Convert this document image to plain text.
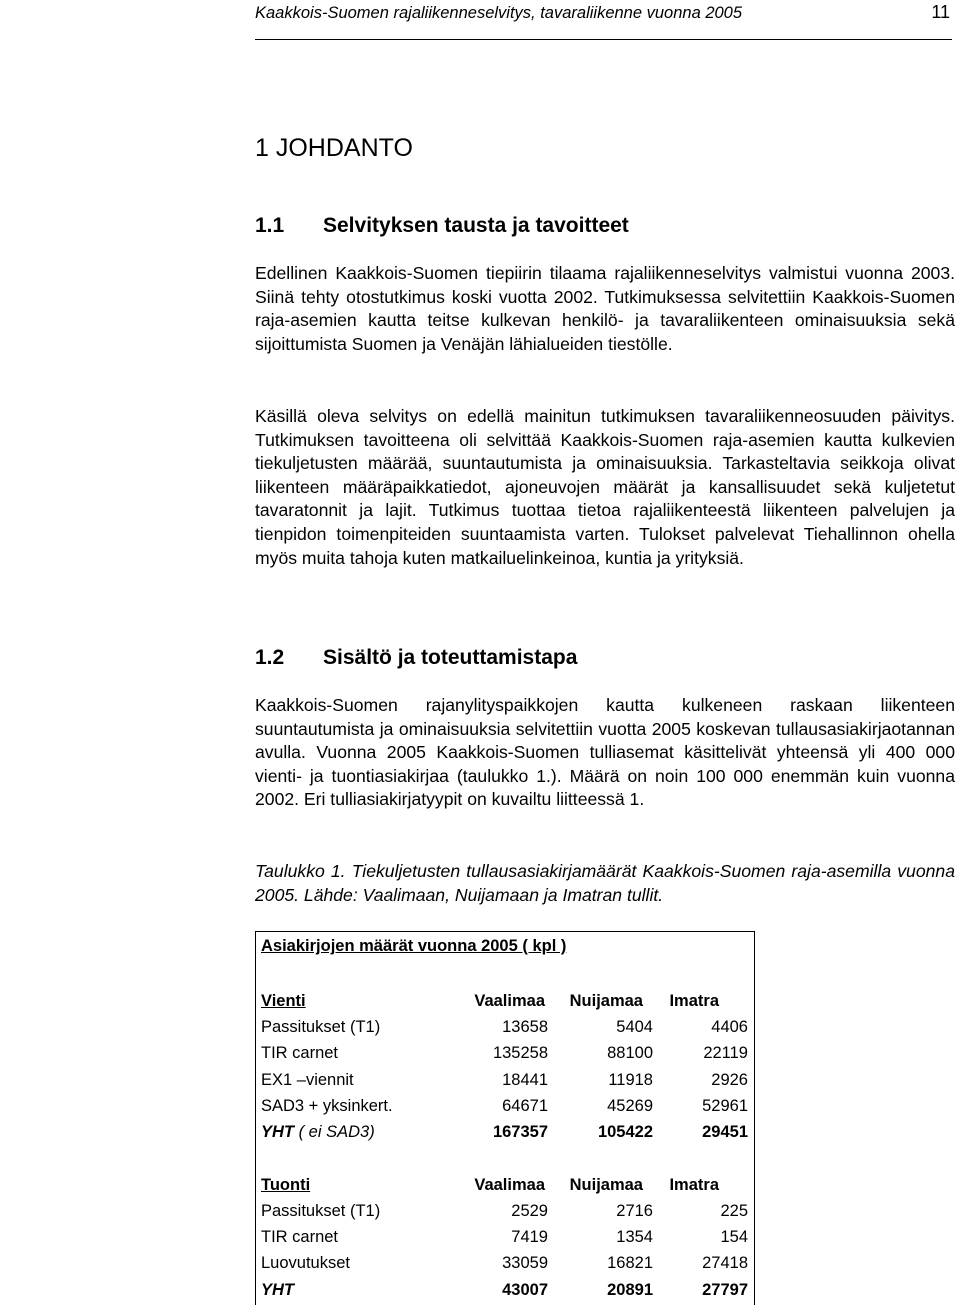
Kaakkois-Suomen rajaliikenneselvitys, tavaraliikenne vuonna 2005	11
1 JOHDANTO
1.1 Selvityksen tausta ja tavoitteet

Edellinen Kaakkois-Suomen tiepiirin tilaama rajaliikenneselvitys valmistui vuonna 2003. Siinä tehty otostutkimus koski vuotta 2002. Tutkimuksessa selvitettiin Kaakkois-Suomen raja-asemien kautta teitse kulkevan henkilö- ja tavaraliikenteen ominaisuuksia sekä sijoittumista Suomen ja Venäjän lähialueiden tiestölle.

Käsillä oleva selvitys on edellä mainitun tutkimuksen tavaraliikenneosuuden päivitys. Tutkimuksen tavoitteena oli selvittää Kaakkois-Suomen raja-asemien kautta kulkevien tiekuljetusten määrää, suuntautumista ja ominaisuuksia. Tarkasteltavia seikkoja olivat liikenteen määräpaikkatiedot, ajoneuvojen määrät ja kansallisuudet sekä kuljetetut tavaratonnit ja lajit. Tutkimus tuottaa tietoa rajaliikenteestä liikenteen palvelujen ja tienpidon toimenpiteiden suuntaamista varten. Tulokset palvelevat Tiehallinnon ohella myös muita tahoja kuten matkailuelinkeinoa, kuntia ja yrityksiä.

1.2 Sisältö ja toteuttamistapa

Kaakkois-Suomen rajanylityspaikkojen kautta kulkeneen raskaan liikenteen suuntautumista ja ominaisuuksia selvitettiin vuotta 2005 koskevan tullausasiakirjaotannan avulla. Vuonna 2005 Kaakkois-Suomen tulliasemat käsittelivät yhteensä yli 400 000 vienti- ja tuontiasiakirjaa (taulukko 1.). Määrä on noin 100 000 enemmän kuin vuonna 2002. Eri tulliasiakirjatyypit on kuvailtu liitteessä 1.

Taulukko 1. Tiekuljetusten tullausasiakirjamäärät Kaakkois-Suomen raja-asemilla vuonna 2005. Lähde: Vaalimaan, Nuijamaan ja Imatran tullit.

Asiakirjojen määrät vuonna 2005 ( kpl )
Vienti	Vaalimaa Nuijamaa Imatra
Passitukset (T1)	13658	5404	4406
TIR carnet	135258	88100	22119
EX1 –viennit	18441	11918	2926
SAD3 + yksinkert.	64671	45269	52961
YHT ( ei SAD3)	167357	105422	29451
Tuonti	Vaalimaa Nuijamaa Imatra
Passitukset (T1)	2529	2716	225
TIR carnet	7419	1354	154
Luovutukset	33059	16821	27418
YHT	43007	20891	27797
